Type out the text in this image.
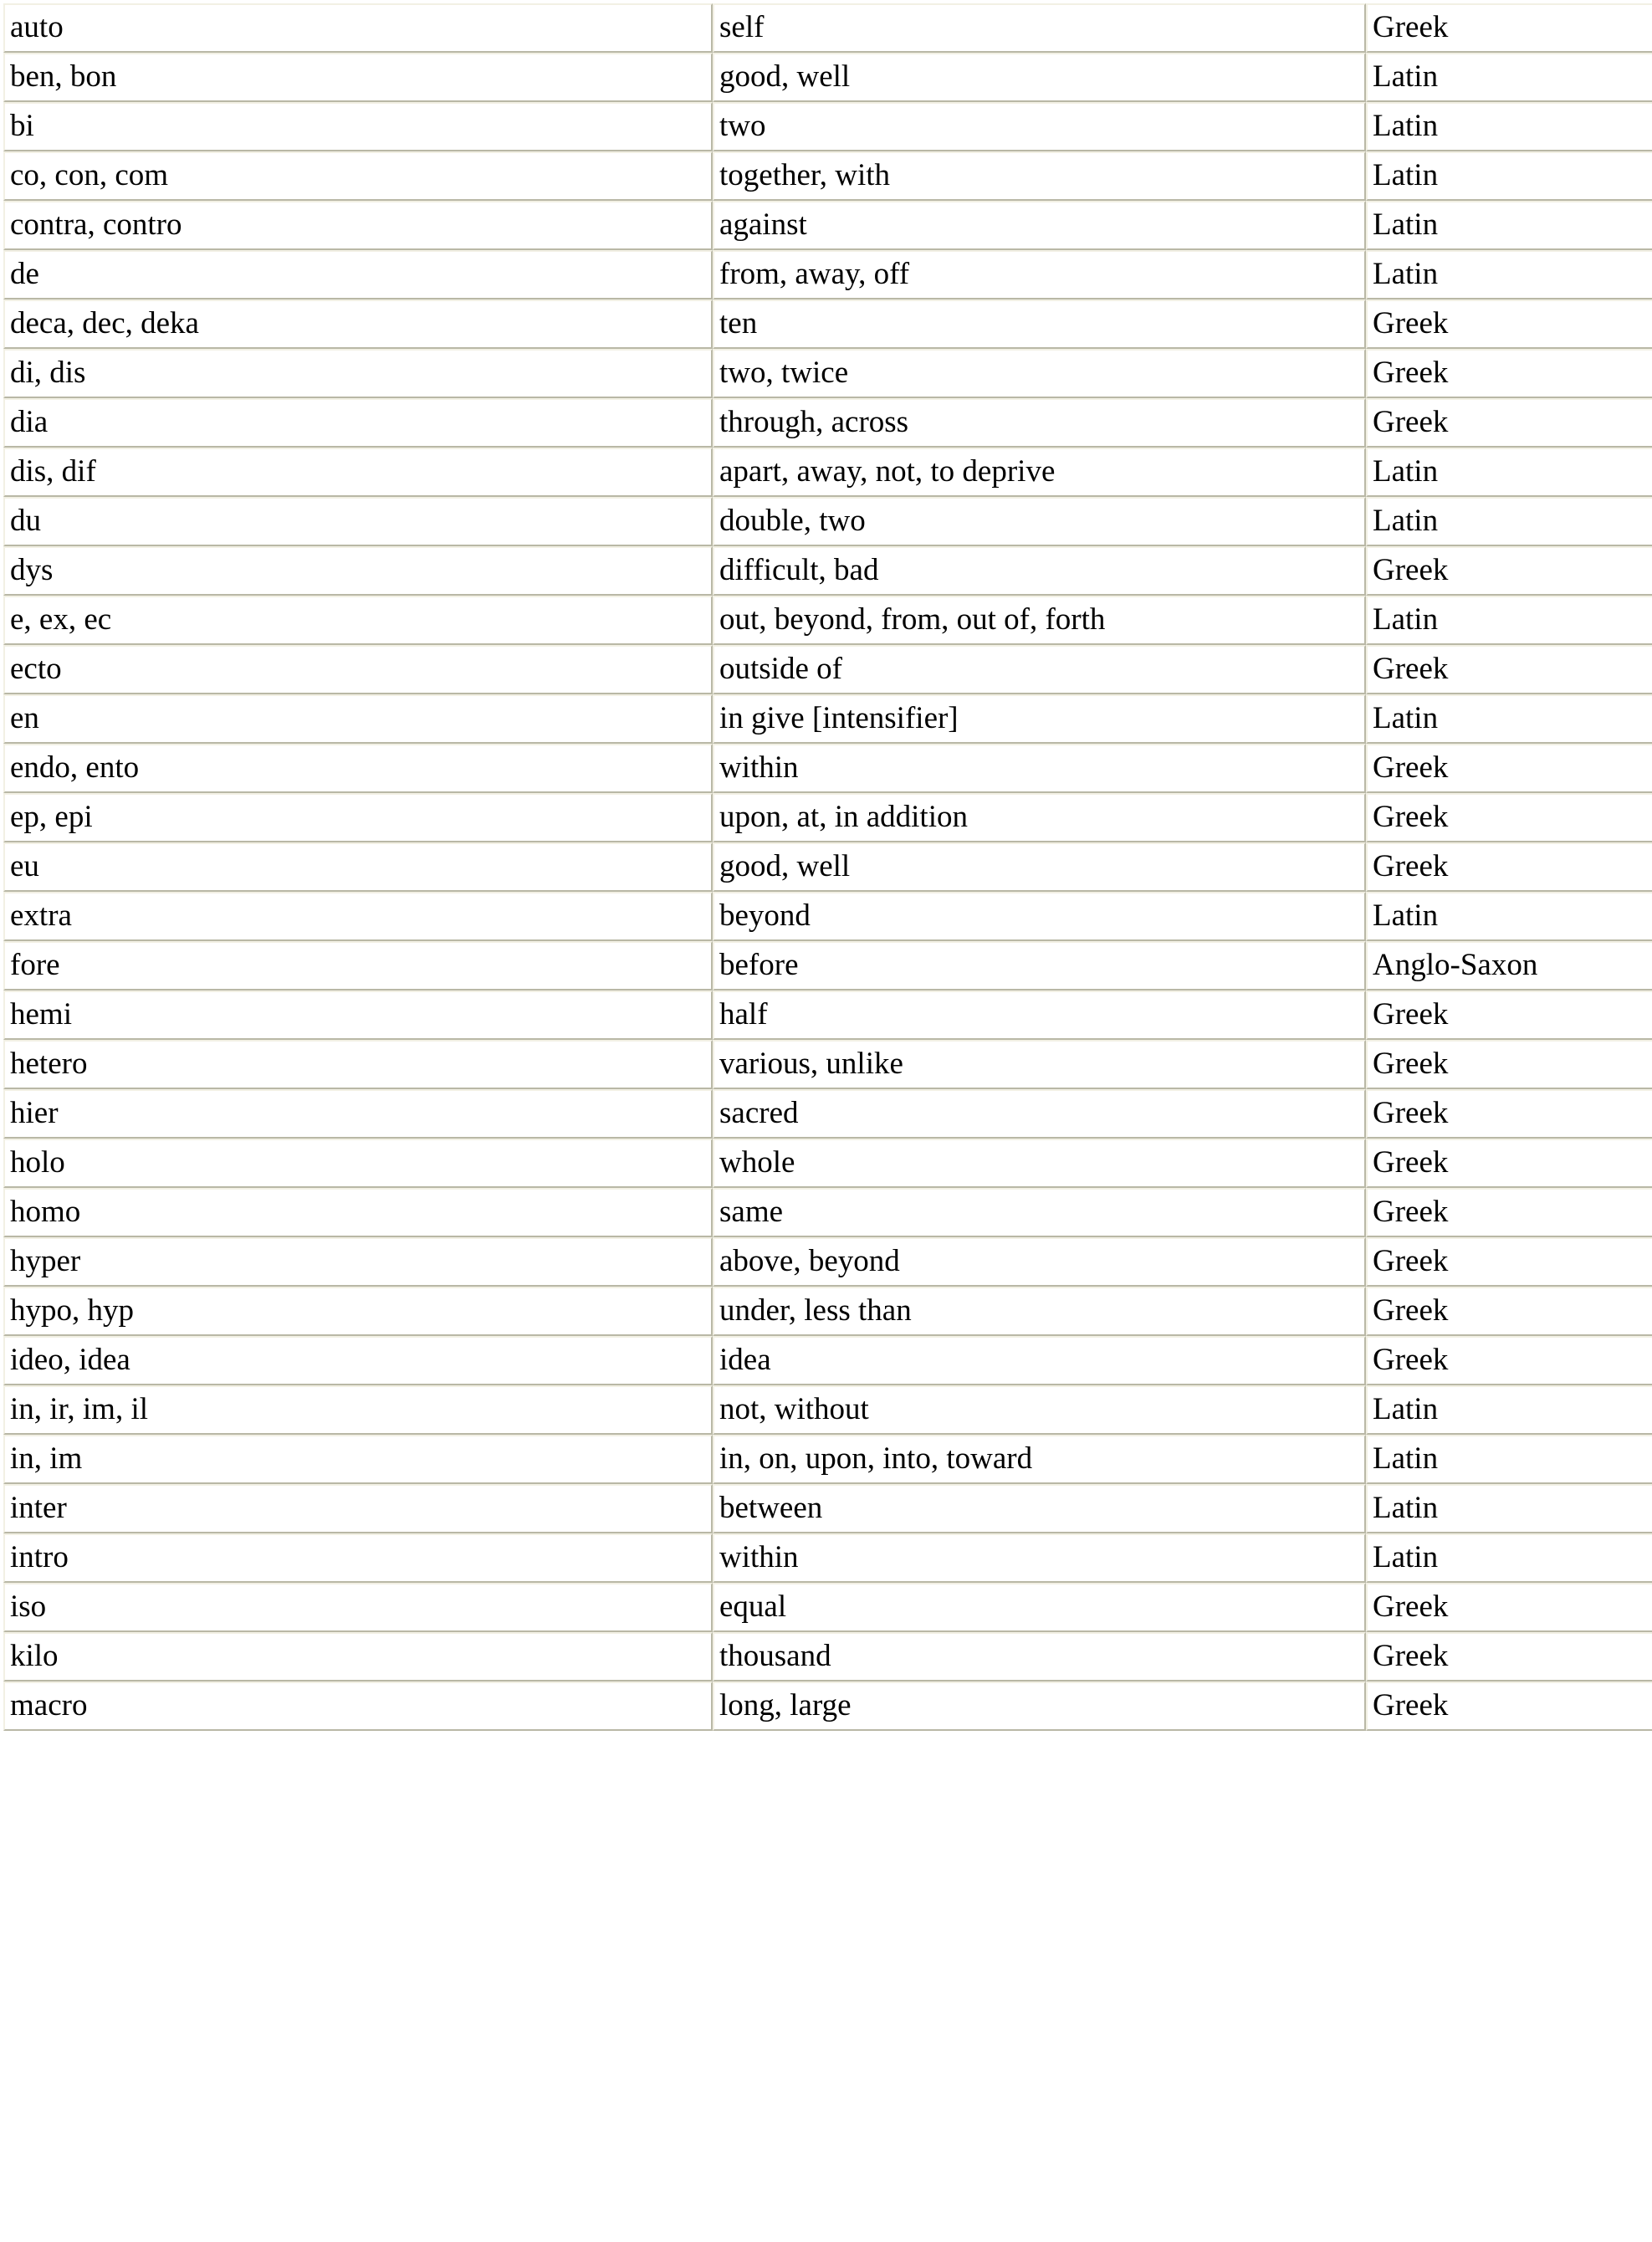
auto	self	Greek
ben, bon	good, well	Latin
bi	two	Latin
co, con, com	together, with	Latin
contra, contro	against	Latin
de	from, away, off	Latin
deca, dec, deka	ten	Greek
di, dis	two, twice	Greek
dia	through, across	Greek
dis, dif	apart, away, not, to deprive	Latin
du	double, two	Latin
dys	difficult, bad	Greek
e, ex, ec	out, beyond, from, out of, forth	Latin
ecto	outside of	Greek
en	in give [intensifier]	Latin
endo, ento	within	Greek
ep, epi	upon, at, in addition	Greek
eu	good, well	Greek
extra	beyond	Latin
fore	before	Anglo-Saxon
hemi	half	Greek
hetero	various, unlike	Greek
hier	sacred	Greek
holo	whole	Greek
homo	same	Greek
hyper	above, beyond	Greek
hypo, hyp	under, less than	Greek
ideo, idea	idea	Greek
in, ir, im, il	not, without	Latin
in, im	in, on, upon, into, toward	Latin
inter	between	Latin
intro	within	Latin
iso	equal	Greek
kilo	thousand	Greek
macro	long, large	Greek
